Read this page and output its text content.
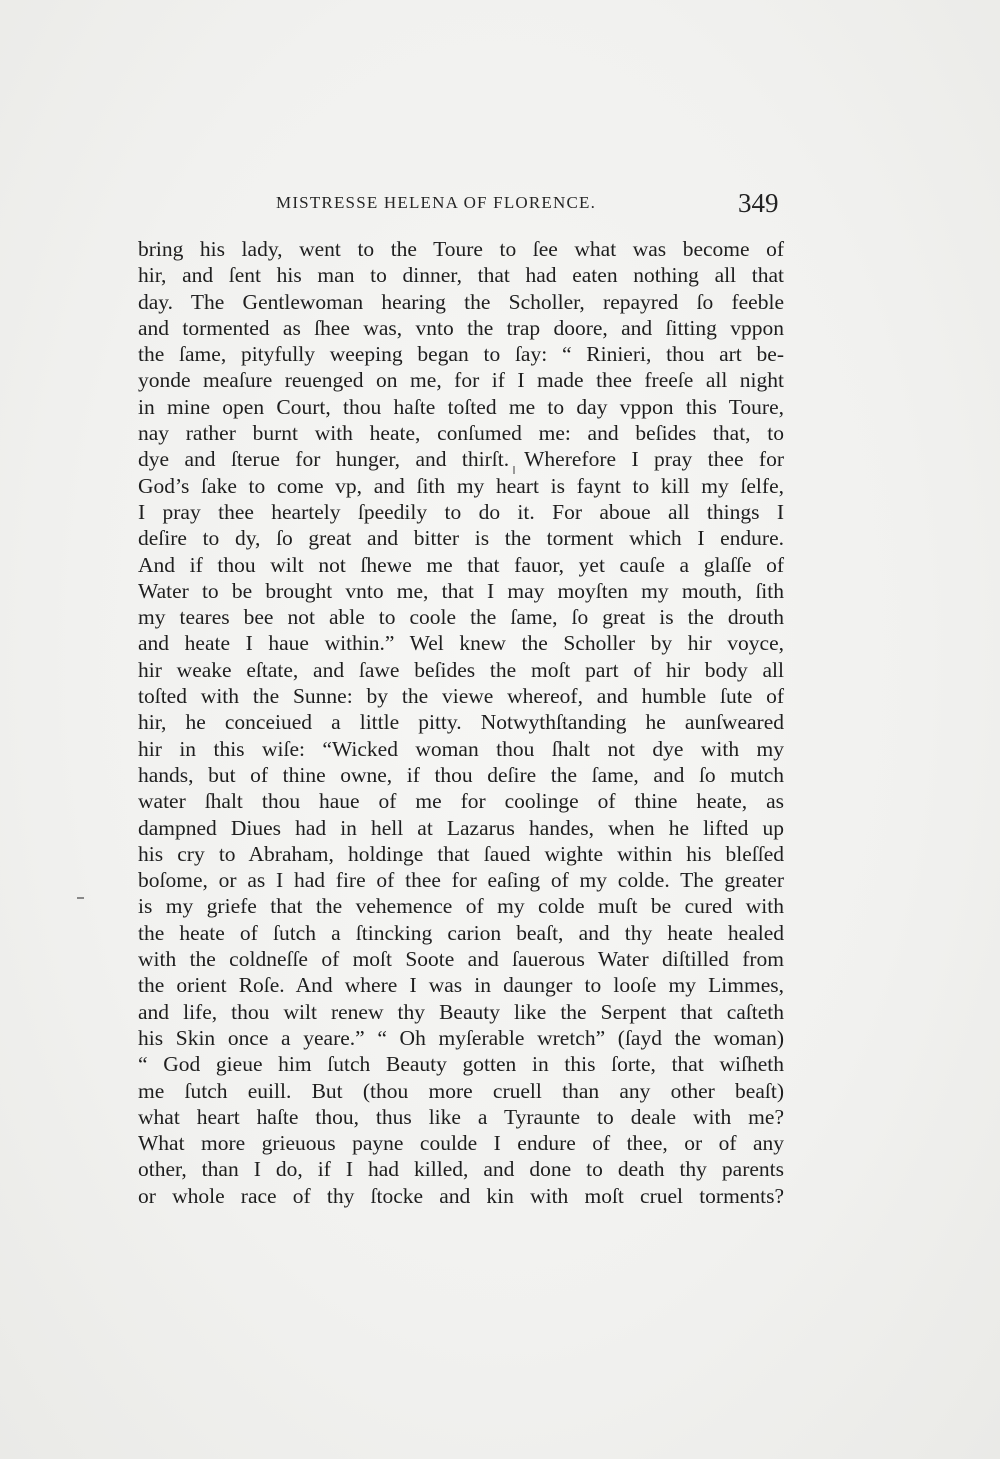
MISTRESSE HELENA OF FLORENCE.	349
bring his lady, went to the Toure to ſee what was become of
hir, and ſent his man to dinner, that had eaten nothing all that
day. The Gentlewoman hearing the Scholler, repayred ſo feeble
and tormented as ſhee was, vnto the trap doore, and ſitting vppon
the ſame, pityfully weeping began to ſay: “ Rinieri, thou art be-
yonde meaſure reuenged on me, for if I made thee freeſe all night
in mine open Court, thou haſte toſted me to day vppon this Toure,
nay rather burnt with heate, conſumed me: and beſides that, to
dye and ſterue for hunger, and thirſt. Wherefore I pray thee for
God’s ſake to come vp, and ſith my heart is faynt to kill my ſelfe,
I pray thee heartely ſpeedily to do it. For aboue all things I
deſire to dy, ſo great and bitter is the torment which I endure.
And if thou wilt not ſhewe me that fauor, yet cauſe a glaſſe of
Water to be brought vnto me, that I may moyſten my mouth, ſith
my teares bee not able to coole the ſame, ſo great is the drouth
and heate I haue within.” Wel knew the Scholler by hir voyce,
hir weake eſtate, and ſawe beſides the moſt part of hir body all
toſted with the Sunne: by the viewe whereof, and humble ſute of
hir, he conceiued a little pitty. Notwythſtanding he aunſweared
hir in this wiſe: “Wicked woman thou ſhalt not dye with my
hands, but of thine owne, if thou deſire the ſame, and ſo mutch
water ſhalt thou haue of me for coolinge of thine heate, as
dampned Diues had in hell at Lazarus handes, when he lifted up
his cry to Abraham, holdinge that ſaued wighte within his bleſſed
boſome, or as I had fire of thee for eaſing of my colde. The greater
is my griefe that the vehemence of my colde muſt be cured with
the heate of ſutch a ſtincking carion beaſt, and thy heate healed
with the coldneſſe of moſt Soote and ſauerous Water diſtilled from
the orient Roſe. And where I was in daunger to looſe my Limmes,
and life, thou wilt renew thy Beauty like the Serpent that caſteth
his Skin once a yeare.” “ Oh myſerable wretch” (ſayd the woman)
“ God gieue him ſutch Beauty gotten in this ſorte, that wiſheth
me ſutch euill. But (thou more cruell than any other beaſt)
what heart haſte thou, thus like a Tyraunte to deale with me?
What more grieuous payne coulde I endure of thee, or of any
other, than I do, if I had killed, and done to death thy parents
or whole race of thy ſtocke and kin with moſt cruel torments?
